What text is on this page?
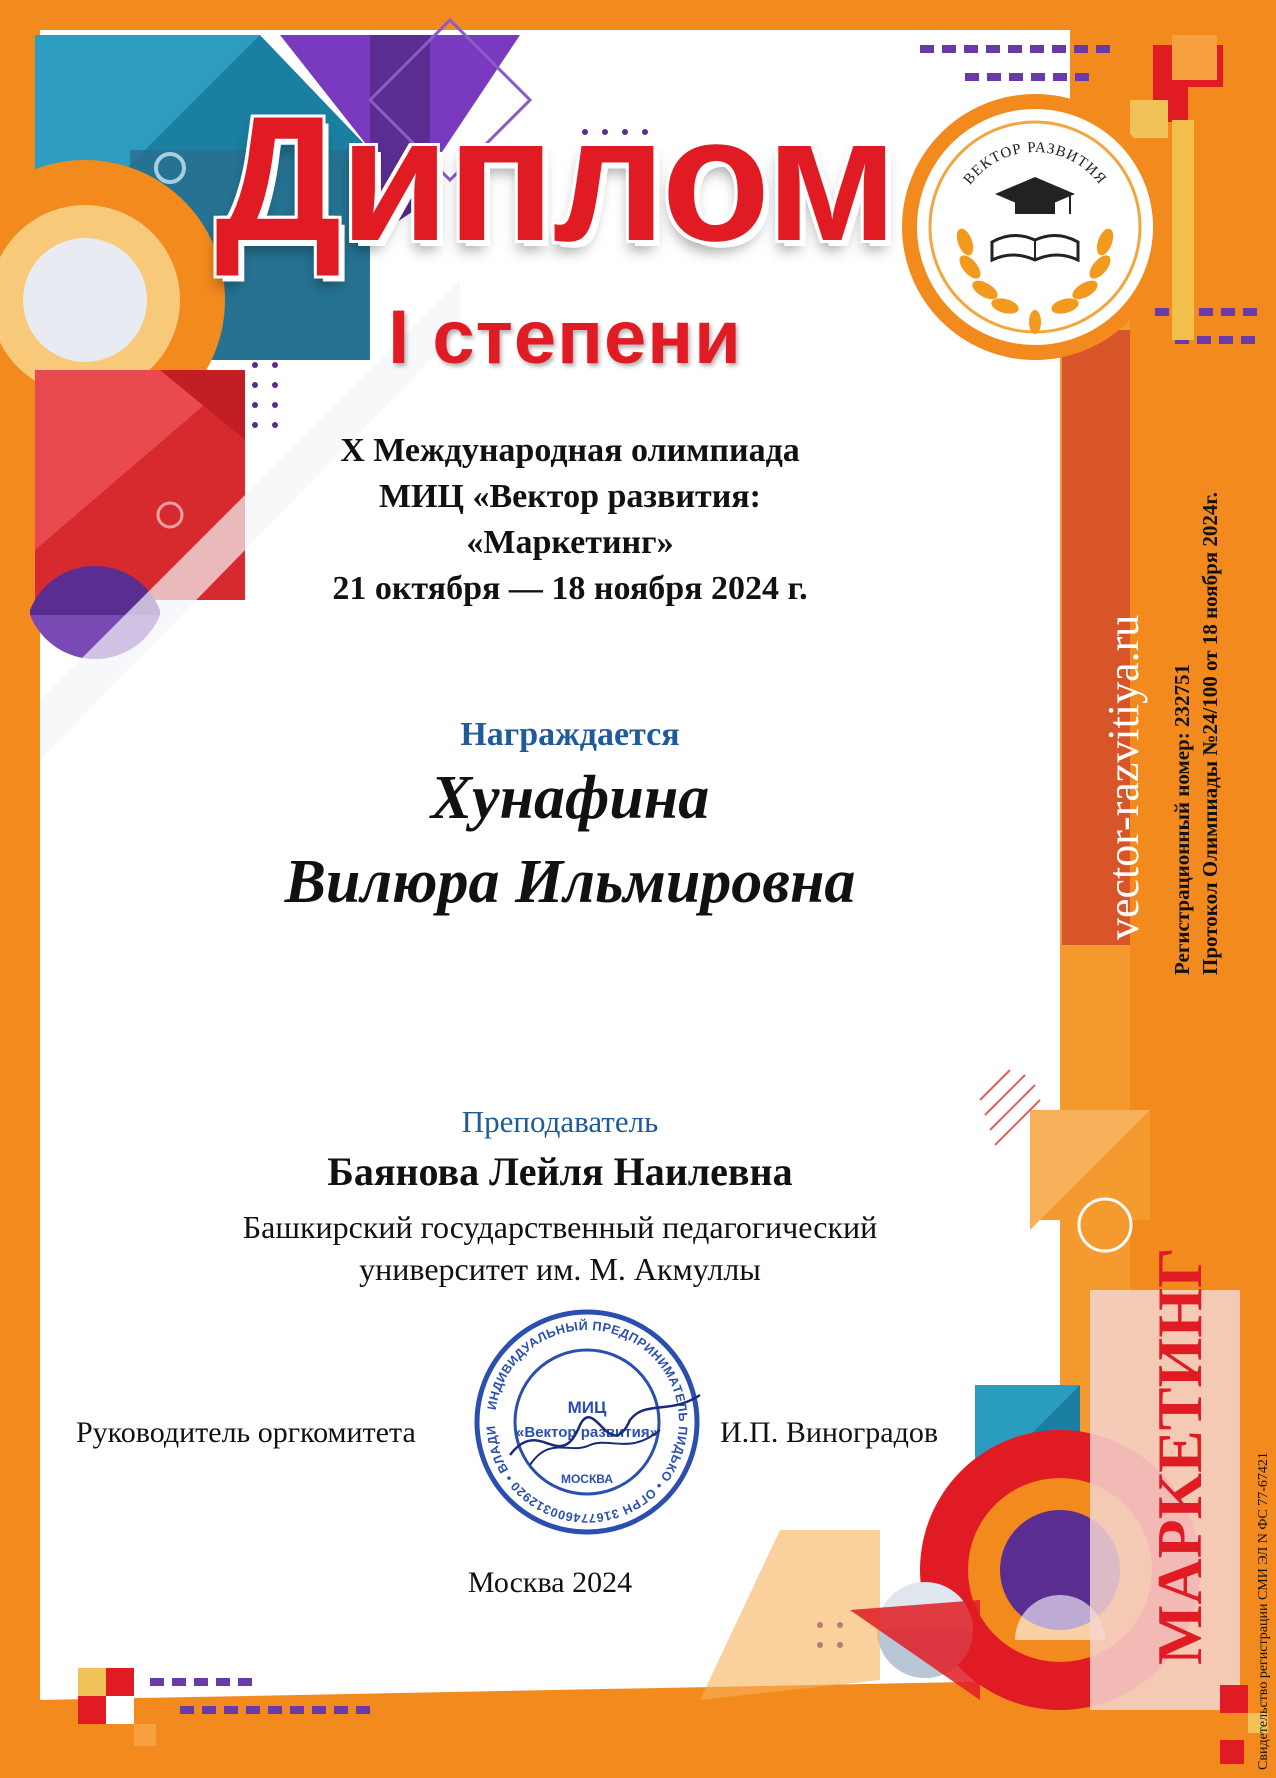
Диплом
I степени
ВЕКТОР РАЗВИТИЯ
X Международная олимпиада
МИЦ «Вектор развития:
«Маркетинг»
21 октября — 18 ноября 2024 г.
Награждается
Хунафина
Вилюра Ильмировна
Преподаватель
Баянова Лейля Наилевна
Башкирский государственный педагогический
университет им. М. Акмуллы
ИНДИВИДУАЛЬНЫЙ ПРЕДПРИНИМАТЕЛЬ ПИДЬКО • ОГРН 316774600312920 • ВЛАДИ
МИЦ
«Вектор развития»
МОСКВА
Руководитель оргкомитета	И.П. Виноградов
Москва 2024
vector-razvitiya.ru Регистрационный номер: 232751 Протокол Олимпиады №24/100 от 18 ноября 2024г.
МАРКЕТИНГ	Свидетельство регистрации СМИ ЭЛ N ФС 77-67421
